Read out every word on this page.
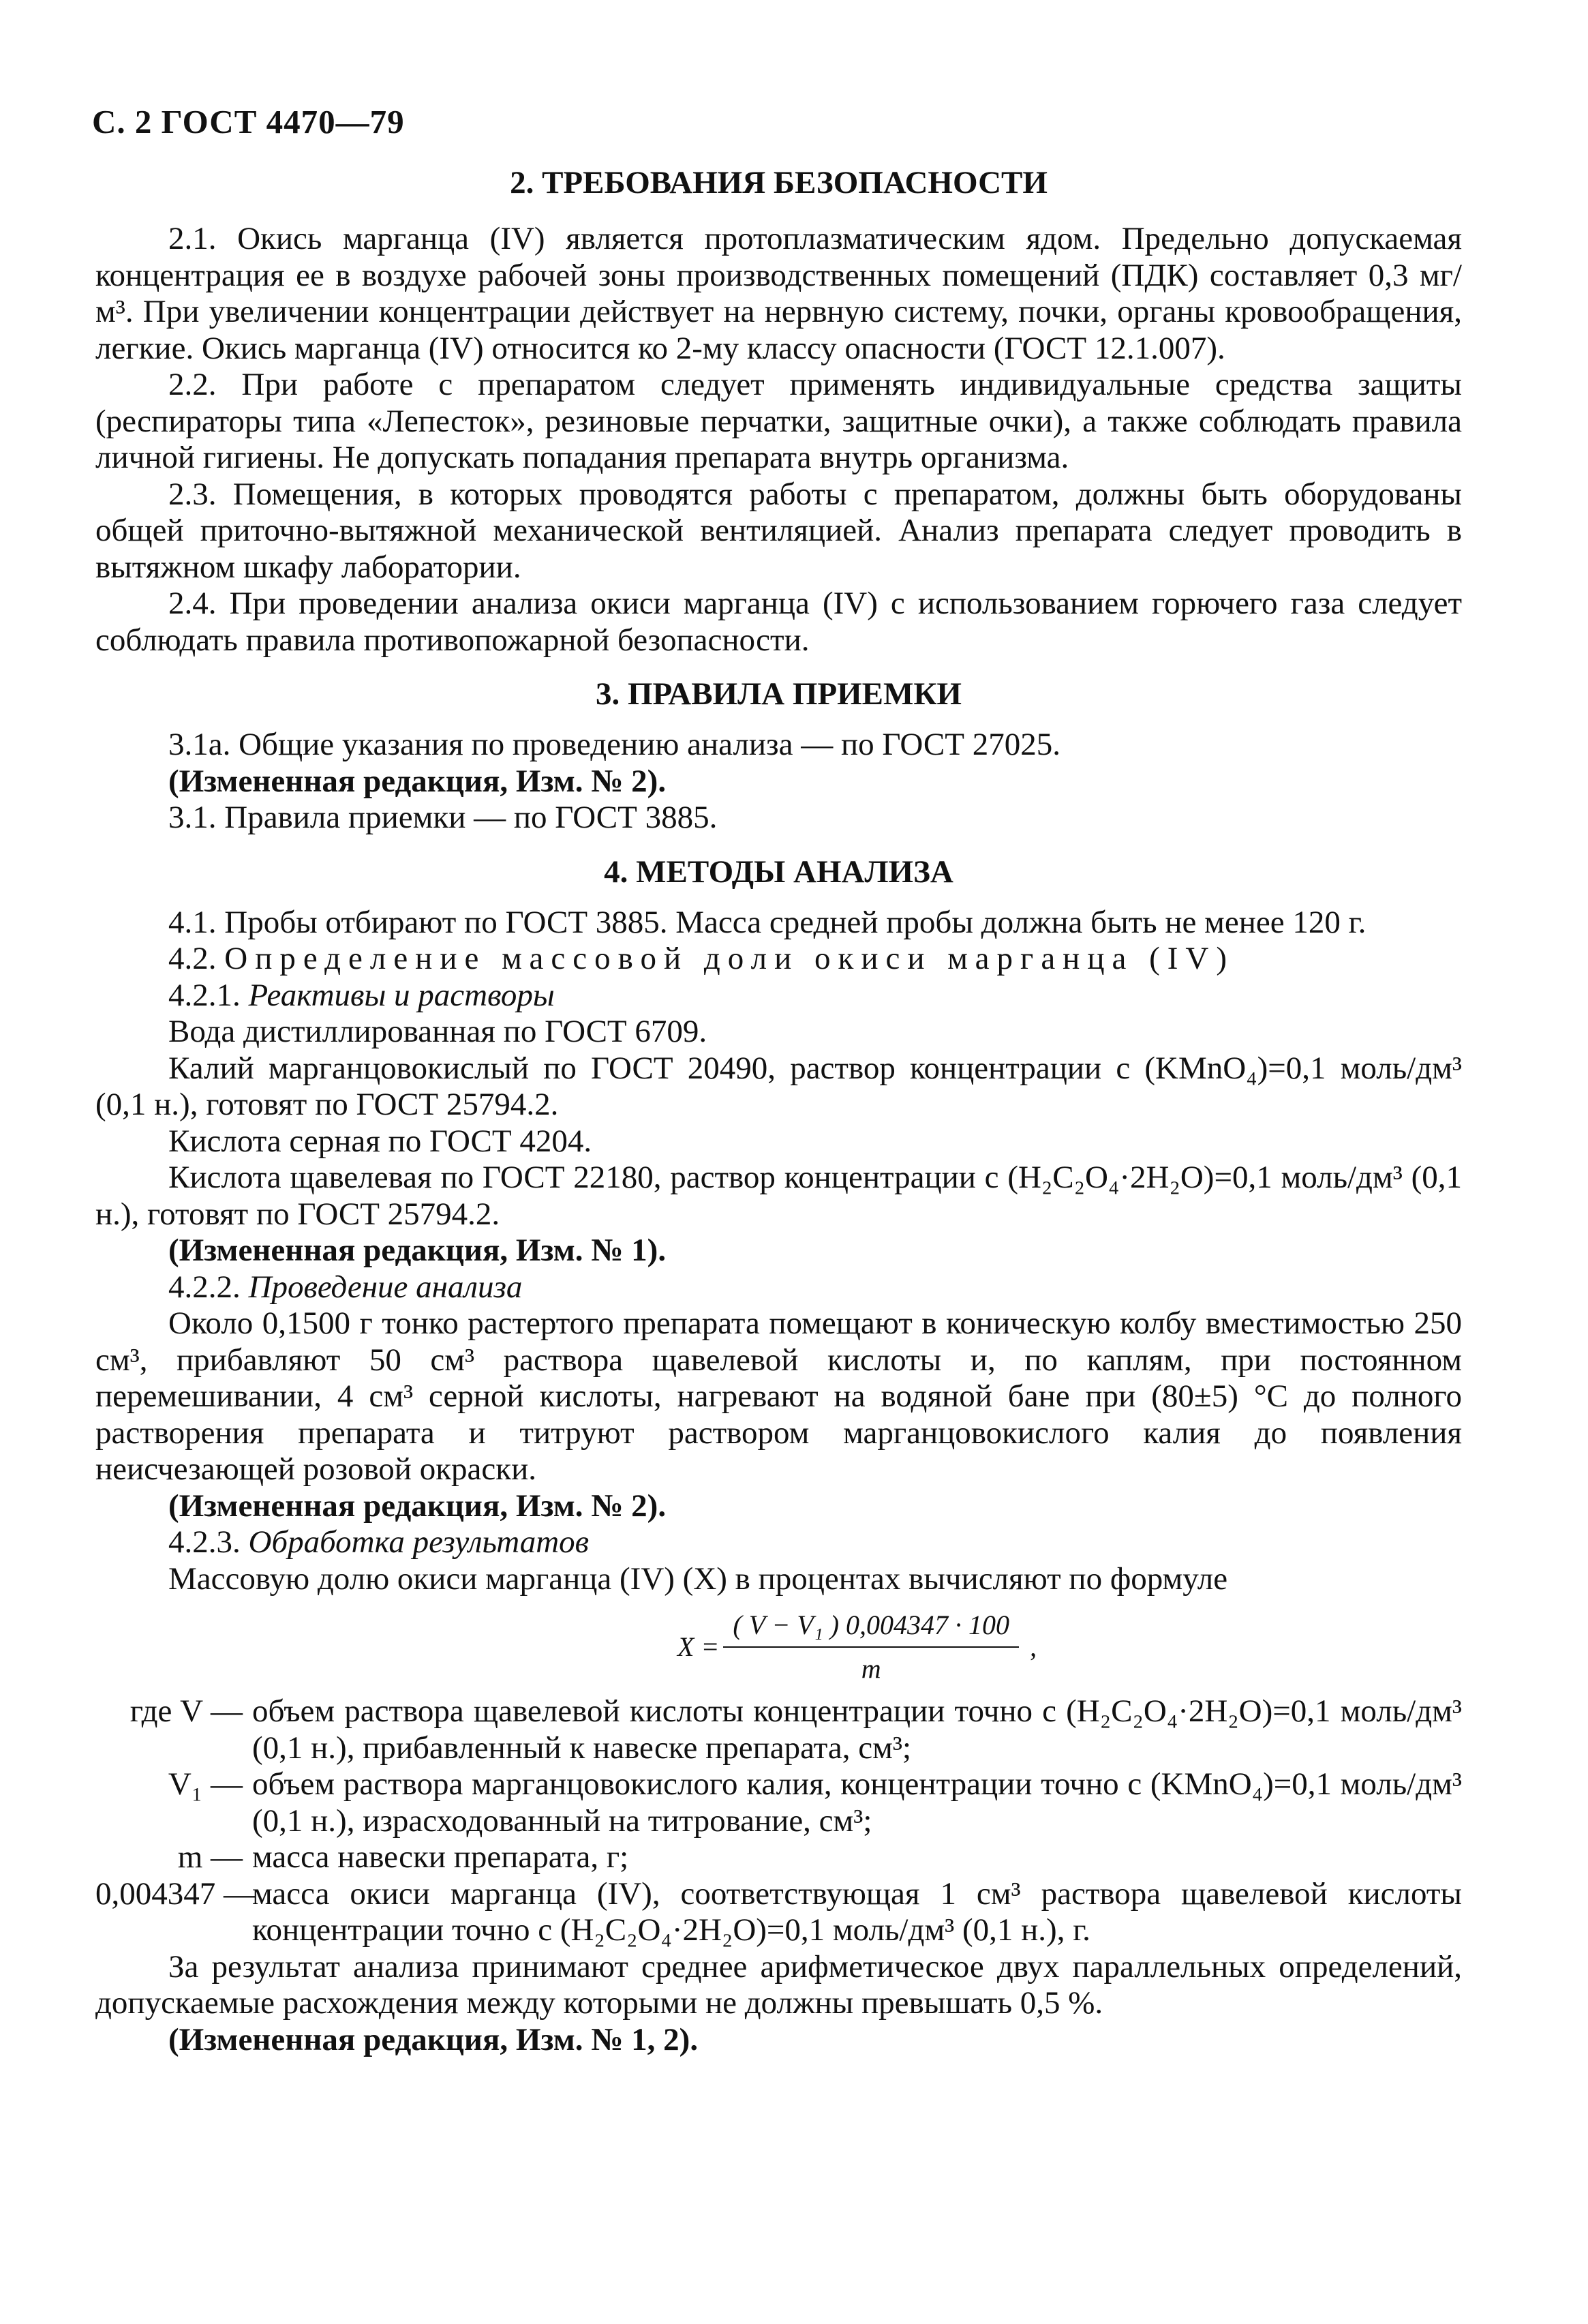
С. 2 ГОСТ 4470—79
2. ТРЕБОВАНИЯ БЕЗОПАСНОСТИ

2.1. Окись марганца (IV) является протоплазматическим ядом. Предельно допускаемая концентрация ее в воздухе рабочей зоны производственных помещений (ПДК) составляет 0,3 мг/м³. При увеличении концентрации действует на нервную систему, почки, органы кровообращения, легкие. Окись марганца (IV) относится ко 2-му классу опасности (ГОСТ 12.1.007).

2.2. При работе с препаратом следует применять индивидуальные средства защиты (респираторы типа «Лепесток», резиновые перчатки, защитные очки), а также соблюдать правила личной гигиены. Не допускать попадания препарата внутрь организма.

2.3. Помещения, в которых проводятся работы с препаратом, должны быть оборудованы общей приточно-вытяжной механической вентиляцией. Анализ препарата следует проводить в вытяжном шкафу лаборатории.

2.4. При проведении анализа окиси марганца (IV) с использованием горючего газа следует соблюдать правила противопожарной безопасности.

3. ПРАВИЛА ПРИЕМКИ

3.1а. Общие указания по проведению анализа — по ГОСТ 27025.

(Измененная редакция, Изм. № 2).

3.1. Правила приемки — по ГОСТ 3885.

4. МЕТОДЫ АНАЛИЗА

4.1. Пробы отбирают по ГОСТ 3885. Масса средней пробы должна быть не менее 120 г.

4.2. Определение массовой доли окиси марганца (IV)

4.2.1. Реактивы и растворы

Вода дистиллированная по ГОСТ 6709.

Калий марганцовокислый по ГОСТ 20490, раствор концентрации с (KMnO₄)=0,1 моль/дм³ (0,1 н.), готовят по ГОСТ 25794.2.

Кислота серная по ГОСТ 4204.

Кислота щавелевая по ГОСТ 22180, раствор концентрации с (H₂C₂O₄·2H₂O)=0,1 моль/дм³ (0,1 н.), готовят по ГОСТ 25794.2.

(Измененная редакция, Изм. № 1).

4.2.2. Проведение анализа

Около 0,1500 г тонко растертого препарата помещают в коническую колбу вместимостью 250 см³, прибавляют 50 см³ раствора щавелевой кислоты и, по каплям, при постоянном перемешивании, 4 см³ серной кислоты, нагревают на водяной бане при (80±5) °С до полного растворения препарата и титруют раствором марганцовокислого калия до появления неисчезающей розовой окраски.

(Измененная редакция, Изм. № 2).

4.2.3. Обработка результатов

Массовую долю окиси марганца (IV) (X) в процентах вычисляют по формуле

$X = \frac{\text{( V − V₁ ) 0,004347 · 100}}{m}$ ,
где V — объем раствора щавелевой кислоты концентрации точно с (H₂C₂O₄·2H₂O)=0,1 моль/дм³ (0,1 н.), прибавленный к навеске препарата, см³;
V₁ — объем раствора марганцовокислого калия, концентрации точно с (KMnO₄)=0,1 моль/дм³ (0,1 н.), израсходованный на титрование, см³;
m — масса навески препарата, г;
0,004347 —
масса окиси марганца (IV), соответствующая 1 см³ раствора щавелевой кислоты концентрации точно с (H₂C₂O₄·2H₂O)=0,1 моль/дм³ (0,1 н.), г.

За результат анализа принимают среднее арифметическое двух параллельных определений, допускаемые расхождения между которыми не должны превышать 0,5 %.

(Измененная редакция, Изм. № 1, 2).
